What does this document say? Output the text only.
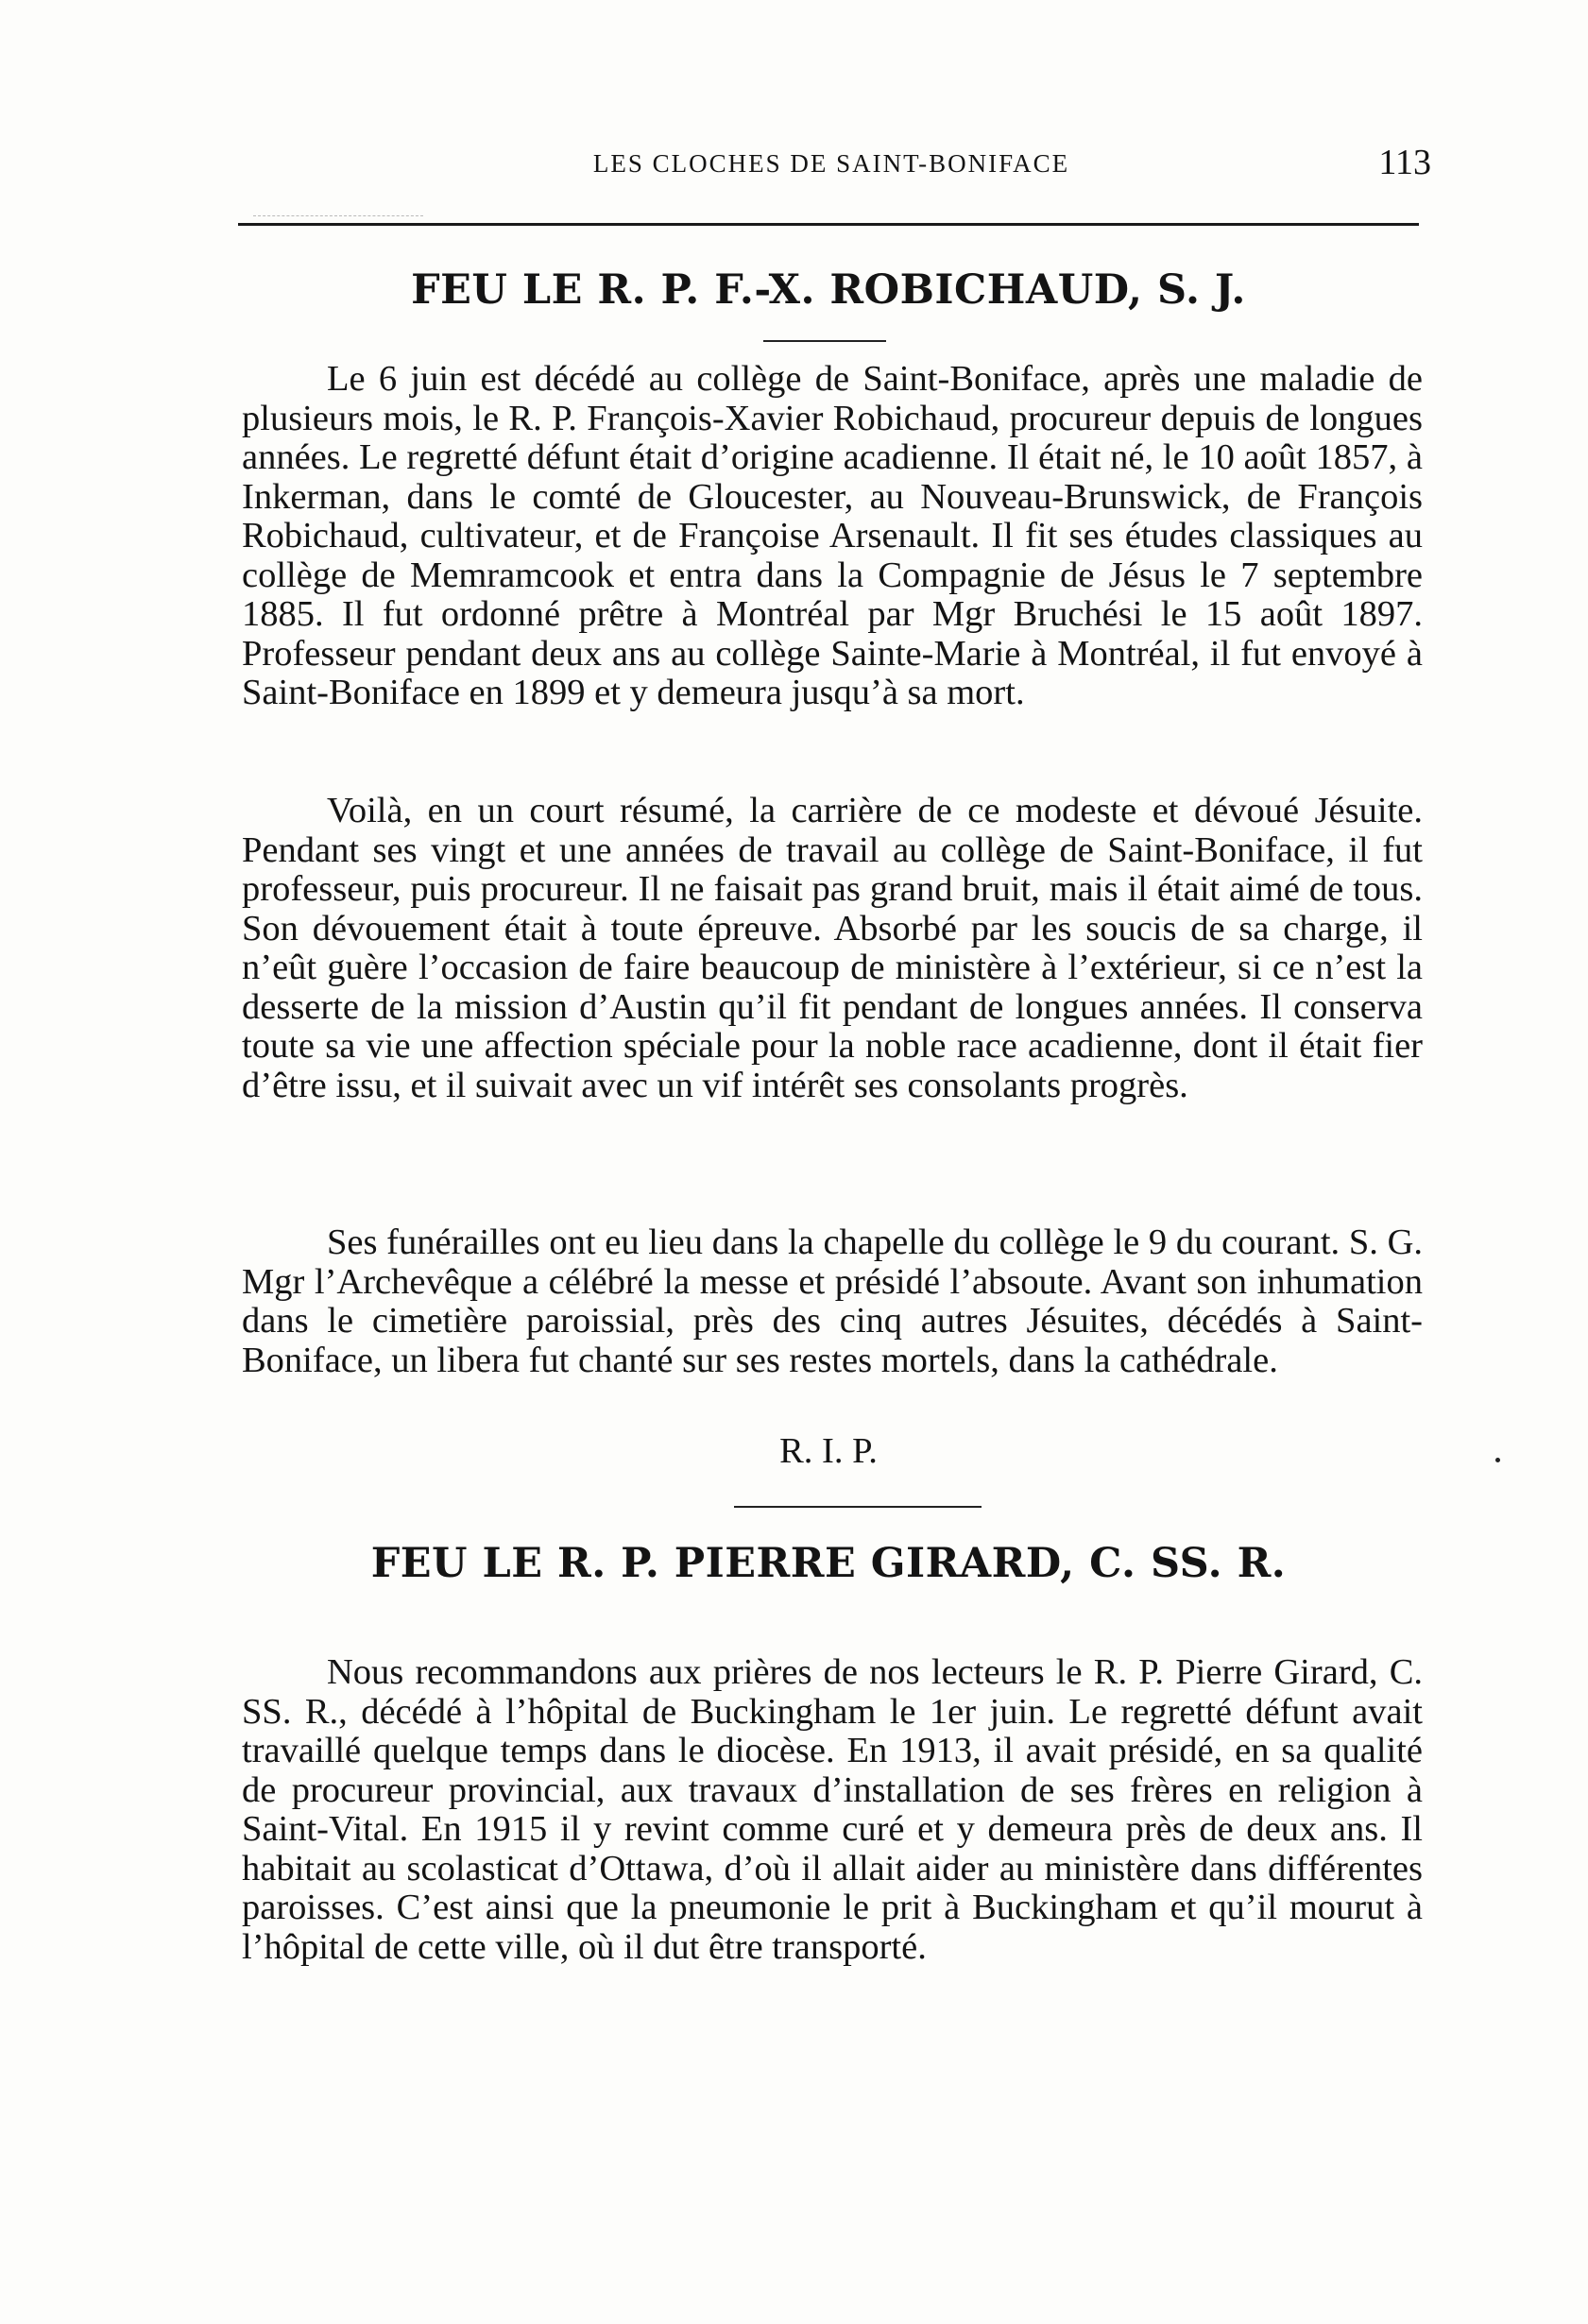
LES CLOCHES DE SAINT-BONIFACE	113
FEU LE R. P. F.-X. ROBICHAUD, S. J.

Le 6 juin est décédé au collège de Saint-Boniface, après une maladie de plusieurs mois, le R. P. François-Xavier Robichaud, procureur depuis de longues années. Le regretté défunt était d’origine acadienne. Il était né, le 10 août 1857, à Inkerman, dans le comté de Gloucester, au Nouveau-Brunswick, de François Robichaud, cultivateur, et de Françoise Arsenault. Il fit ses études classiques au collège de Memramcook et entra dans la Compagnie de Jésus le 7 septembre 1885. Il fut ordonné prêtre à Montréal par Mgr Bruchési le 15 août 1897. Professeur pendant deux ans au collège Sainte-Marie à Montréal, il fut envoyé à Saint-Boniface en 1899 et y demeura jusqu’à sa mort.

Voilà, en un court résumé, la carrière de ce modeste et dévoué Jésuite. Pendant ses vingt et une années de travail au collège de Saint-Boniface, il fut professeur, puis procureur. Il ne faisait pas grand bruit, mais il était aimé de tous. Son dévouement était à toute épreuve. Absorbé par les soucis de sa charge, il n’eût guère l’occasion de faire beaucoup de ministère à l’extérieur, si ce n’est la desserte de la mission d’Austin qu’il fit pendant de longues années. Il conserva toute sa vie une affection spéciale pour la noble race acadienne, dont il était fier d’être issu, et il suivait avec un vif intérêt ses consolants progrès.

Ses funérailles ont eu lieu dans la chapelle du collège le 9 du courant. S. G. Mgr l’Archevêque a célébré la messe et présidé l’absoute. Avant son inhumation dans le cimetière paroissial, près des cinq autres Jésuites, décédés à Saint-Boniface, un libera fut chanté sur ses restes mortels, dans la cathédrale.

R. I. P.

FEU LE R. P. PIERRE GIRARD, C. SS. R.

Nous recommandons aux prières de nos lecteurs le R. P. Pierre Girard, C. SS. R., décédé à l’hôpital de Buckingham le 1er juin. Le regretté défunt avait travaillé quelque temps dans le diocèse. En 1913, il avait présidé, en sa qualité de procureur provincial, aux travaux d’installation de ses frères en religion à Saint-Vital. En 1915 il y revint comme curé et y demeura près de deux ans. Il habitait au scolasticat d’Ottawa, d’où il allait aider au ministère dans différentes paroisses. C’est ainsi que la pneumonie le prit à Buckingham et qu’il mourut à l’hôpital de cette ville, où il dut être transporté.
